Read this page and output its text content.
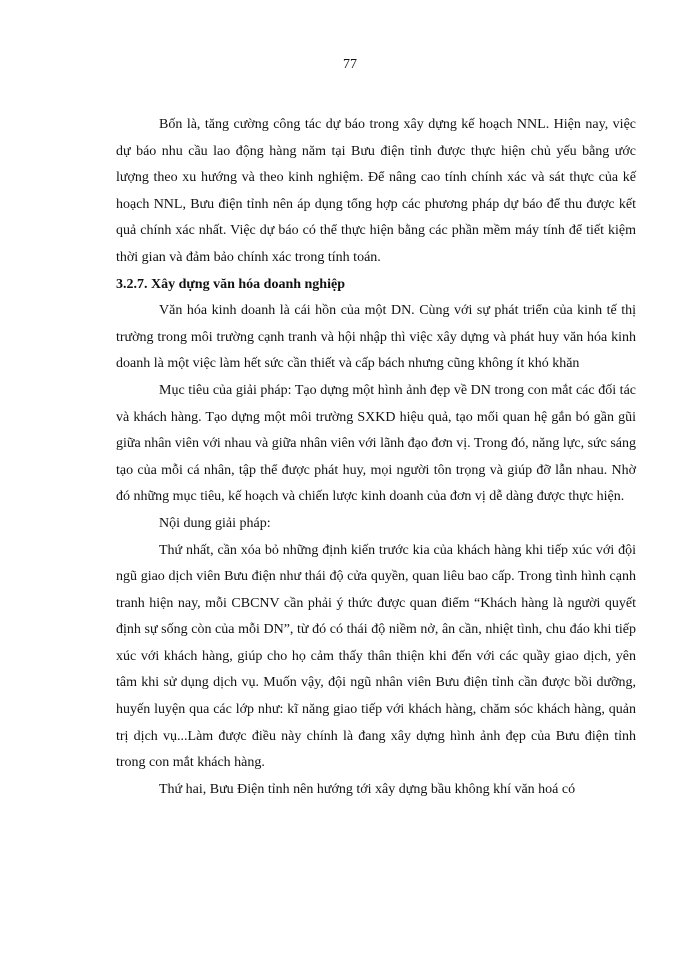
77

Bốn là, tăng cường công tác dự báo trong xây dựng kế hoạch NNL. Hiện nay, việc dự báo nhu cầu lao động hàng năm tại Bưu điện tỉnh được thực hiện chủ yếu bằng ước lượng theo xu hướng và theo kinh nghiệm. Để nâng cao tính chính xác và sát thực của kế hoạch NNL, Bưu điện tỉnh nên áp dụng tổng hợp các phương pháp dự báo để thu được kết quả chính xác nhất. Việc dự báo có thể thực hiện bằng các phần mềm máy tính để tiết kiệm thời gian và đảm bảo chính xác trong tính toán.

3.2.7. Xây dựng văn hóa doanh nghiệp

Văn hóa kinh doanh là cái hồn của một DN. Cùng với sự phát triển của kinh tế thị trường trong môi trường cạnh tranh và hội nhập thì việc xây dựng và phát huy văn hóa kinh doanh là một việc làm hết sức cần thiết và cấp bách nhưng cũng không ít khó khăn

Mục tiêu của giải pháp: Tạo dựng một hình ảnh đẹp về DN trong con mắt các đối tác và khách hàng. Tạo dựng một môi trường SXKD hiệu quả, tạo mối quan hệ gắn bó gần gũi giữa nhân viên với nhau và giữa nhân viên với lãnh đạo đơn vị. Trong đó, năng lực, sức sáng tạo của mỗi cá nhân, tập thể được phát huy, mọi người tôn trọng và giúp đỡ lẫn nhau. Nhờ đó những mục tiêu, kế hoạch và chiến lược kinh doanh của đơn vị dễ dàng được thực hiện.

Nội dung giải pháp:

Thứ nhất, cần xóa bỏ những định kiến trước kia của khách hàng khi tiếp xúc với đội ngũ giao dịch viên Bưu điện như thái độ cửa quyền, quan liêu bao cấp. Trong tình hình cạnh tranh hiện nay, mỗi CBCNV cần phải ý thức được quan điểm “Khách hàng là người quyết định sự sống còn của mỗi DN”, từ đó có thái độ niềm nở, ân cần, nhiệt tình, chu đáo khi tiếp xúc với khách hàng, giúp cho họ cảm thấy thân thiện khi đến với các quầy giao dịch, yên tâm khi sử dụng dịch vụ. Muốn vậy, đội ngũ nhân viên Bưu điện tỉnh cần được bồi dưỡng, huyến luyện qua các lớp như: kĩ năng giao tiếp với khách hàng, chăm sóc khách hàng, quản trị dịch vụ...Làm được điều này chính là đang xây dựng hình ảnh đẹp của Bưu điện tỉnh trong con mắt khách hàng.

Thứ hai, Bưu Điện tỉnh nên hướng tới xây dựng bầu không khí văn hoá có
